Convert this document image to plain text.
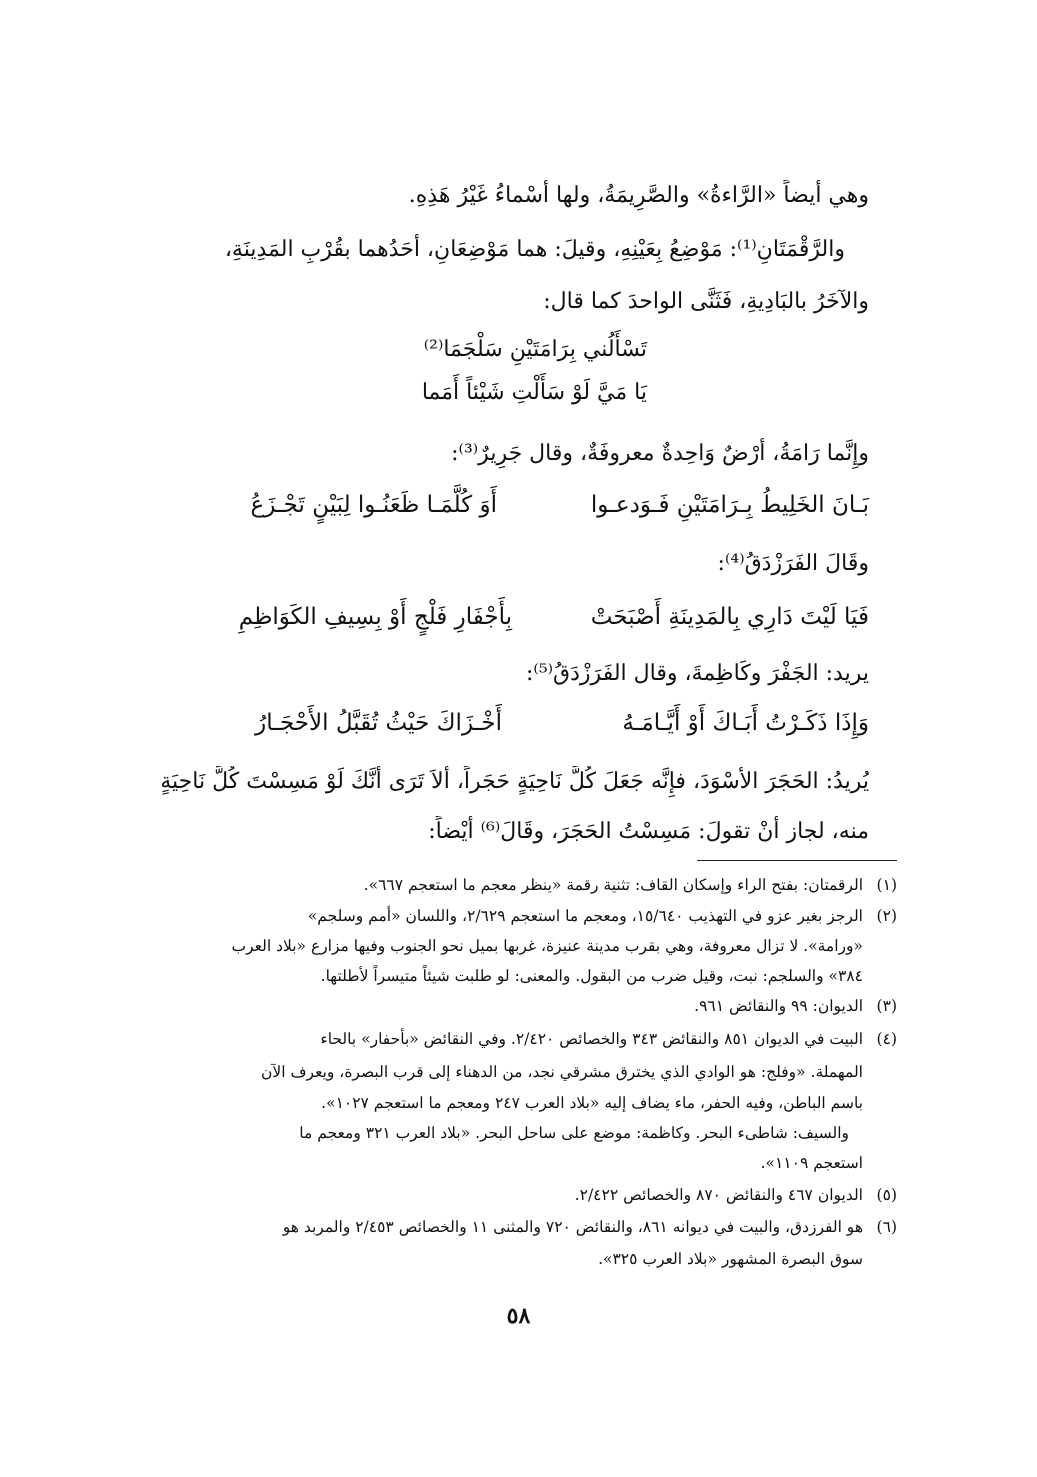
وهي أيضاً «الرَّاءةُ» والصَّرِيمَةُ، ولها أَسْماءُ غَيْرُ هَذِهِ.
والرَّقْمَتَانِ⁽¹⁾: مَوْضِعُ بِعَيْنِهِ، وقيلَ: هما مَوْضِعَانِ، أَحَدُهما بقُرْبِ المَدِينَةِ،
والآخَرُ بالبَادِيةِ، فَثَنَّى الواحدَ كما قال:
تَسْأَلُني بِرَامَتَيْنِ سَلْجَمَا⁽²⁾
يَا مَيَّ لَوْ سَأَلْتِ شَيْئاً أَمَما
وإِنَّما رَامَةُ، أَرْضٌ وَاحِدةٌ معروفَةٌ، وقال جَرِيرٌ⁽³⁾:
بَـانَ الخَلِيطُ بِـرَامَتَيْنِ فَـوَدعـوا
أَوَ كُلَّمَـا ظَعَنُـوا لِبَيْنٍ تَجْـزَعُ
وقَالَ الفَرَزْدَقُ⁽⁴⁾:
فَيَا لَيْتَ دَارِي بِالمَدِينَةِ أَصْبَحَتْ
بِأَجْفَارِ فَلْجٍ أَوْ بِسِيفِ الكَوَاظِمِ
يريد: الجَفْرَ وكَاظِمةَ، وقال الفَرَزْدَقُ⁽⁵⁾:
وَإِذَا ذَكَـرْتُ أَبَـاكَ أَوْ أَيَّـامَـهُ
أَخْـزَاكَ حَيْثُ تُقَبَّلُ الأَحْجَـارُ
يُريدُ: الحَجَرَ الأَسْوَدَ، فإِنَّه جَعَلَ كُلَّ نَاحِيَةٍ حَجَراً، أَلاَ تَرَى أَنَّكَ لَوْ مَسِسْتَ كُلَّ نَاحِيَةٍ
منه، لجاز أَنْ تقولَ: مَسِسْتُ الحَجَرَ، وقَالَ⁽⁶⁾ أَيْضاً:
(١)الرقمتان: بفتح الراء وإسكان القاف: تثنية رقمة «ينظر معجم ما استعجم ٦٦٧».
(٢)الرجز بغير عزو في التهذيب ١٥/٦٤٠، ومعجم ما استعجم ٢/٦٢٩، واللسان «أمم وسلجم»
«ورامة». لا تزال معروفة، وهي بقرب مدينة عنيزة، غربها بميل نحو الجنوب وفيها مزارع «بلاد العرب
٣٨٤» والسلجم: نبت، وقيل ضرب من البقول. والمعنى: لو طلبت شيئاً متيسراً لأطلتها.
(٣)الديوان: ٩٩ والنقائض ٩٦١.
(٤)البيت في الديوان ٨٥١ والنقائض ٣٤٣ والخصائص ٢/٤٢٠. وفي النقائض «بأحفار» بالحاء
المهملة. «وفلج: هو الوادي الذي يخترق مشرقي نجد، من الدهناء إلى قرب البصرة، ويعرف الآن
باسم الباطن، وفيه الحفر، ماء يضاف إليه «بلاد العرب ٢٤٧ ومعجم ما استعجم ١٠٢٧».
والسيف: شاطىء البحر. وكاظمة: موضع على ساحل البحر. «بلاد العرب ٣٢١ ومعجم ما
استعجم ١١٠٩».
(٥)الديوان ٤٦٧ والنقائض ٨٧٠ والخصائص ٢/٤٢٢.
(٦)هو الفرزدق، والبيت في ديوانه ٨٦١، والنقائض ٧٢٠ والمثنى ١١ والخصائص ٢/٤٥٣ والمربد هو
سوق البصرة المشهور «بلاد العرب ٣٢٥».
٥٨
